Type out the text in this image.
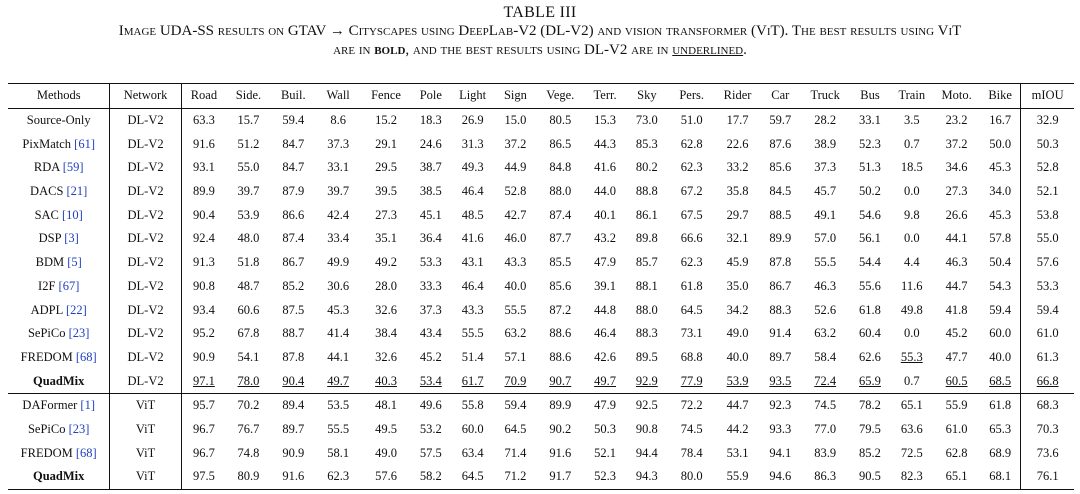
TABLE III
Image UDA-SS results on GTAV → Cityscapes using DeepLab-V2 (DL-V2) and vision transformer (ViT). The best results using ViT
are in bold, and the best results using DL-V2 are in underlined.
Methods	Network	Road	Side.	Buil.	Wall	Fence	Pole	Light	Sign	Vege.	Terr.	Sky	Pers.	Rider	Car	Truck	Bus	Train	Moto.	Bike	mIOU
Source-Only	DL-V2	63.3	15.7	59.4	8.6	15.2	18.3	26.9	15.0	80.5	15.3	73.0	51.0	17.7	59.7	28.2	33.1	3.5	23.2	16.7	32.9
PixMatch [61]	DL-V2	91.6	51.2	84.7	37.3	29.1	24.6	31.3	37.2	86.5	44.3	85.3	62.8	22.6	87.6	38.9	52.3	0.7	37.2	50.0	50.3
RDA [59]	DL-V2	93.1	55.0	84.7	33.1	29.5	38.7	49.3	44.9	84.8	41.6	80.2	62.3	33.2	85.6	37.3	51.3	18.5	34.6	45.3	52.8
DACS [21]	DL-V2	89.9	39.7	87.9	39.7	39.5	38.5	46.4	52.8	88.0	44.0	88.8	67.2	35.8	84.5	45.7	50.2	0.0	27.3	34.0	52.1
SAC [10]	DL-V2	90.4	53.9	86.6	42.4	27.3	45.1	48.5	42.7	87.4	40.1	86.1	67.5	29.7	88.5	49.1	54.6	9.8	26.6	45.3	53.8
DSP [3]	DL-V2	92.4	48.0	87.4	33.4	35.1	36.4	41.6	46.0	87.7	43.2	89.8	66.6	32.1	89.9	57.0	56.1	0.0	44.1	57.8	55.0
BDM [5]	DL-V2	91.3	51.8	86.7	49.9	49.2	53.3	43.1	43.3	85.5	47.9	85.7	62.3	45.9	87.8	55.5	54.4	4.4	46.3	50.4	57.6
I2F [67]	DL-V2	90.8	48.7	85.2	30.6	28.0	33.3	46.4	40.0	85.6	39.1	88.1	61.8	35.0	86.7	46.3	55.6	11.6	44.7	54.3	53.3
ADPL [22]	DL-V2	93.4	60.6	87.5	45.3	32.6	37.3	43.3	55.5	87.2	44.8	88.0	64.5	34.2	88.3	52.6	61.8	49.8	41.8	59.4	59.4
SePiCo [23]	DL-V2	95.2	67.8	88.7	41.4	38.4	43.4	55.5	63.2	88.6	46.4	88.3	73.1	49.0	91.4	63.2	60.4	0.0	45.2	60.0	61.0
FREDOM [68]	DL-V2	90.9	54.1	87.8	44.1	32.6	45.2	51.4	57.1	88.6	42.6	89.5	68.8	40.0	89.7	58.4	62.6	55.3	47.7	40.0	61.3
QuadMix	DL-V2	97.1	78.0	90.4	49.7	40.3	53.4	61.7	70.9	90.7	49.7	92.9	77.9	53.9	93.5	72.4	65.9	0.7	60.5	68.5	66.8
DAFormer [1]	ViT	95.7	70.2	89.4	53.5	48.1	49.6	55.8	59.4	89.9	47.9	92.5	72.2	44.7	92.3	74.5	78.2	65.1	55.9	61.8	68.3
SePiCo [23]	ViT	96.7	76.7	89.7	55.5	49.5	53.2	60.0	64.5	90.2	50.3	90.8	74.5	44.2	93.3	77.0	79.5	63.6	61.0	65.3	70.3
FREDOM [68]	ViT	96.7	74.8	90.9	58.1	49.0	57.5	63.4	71.4	91.6	52.1	94.4	78.4	53.1	94.1	83.9	85.2	72.5	62.8	68.9	73.6
QuadMix	ViT	97.5	80.9	91.6	62.3	57.6	58.2	64.5	71.2	91.7	52.3	94.3	80.0	55.9	94.6	86.3	90.5	82.3	65.1	68.1	76.1
